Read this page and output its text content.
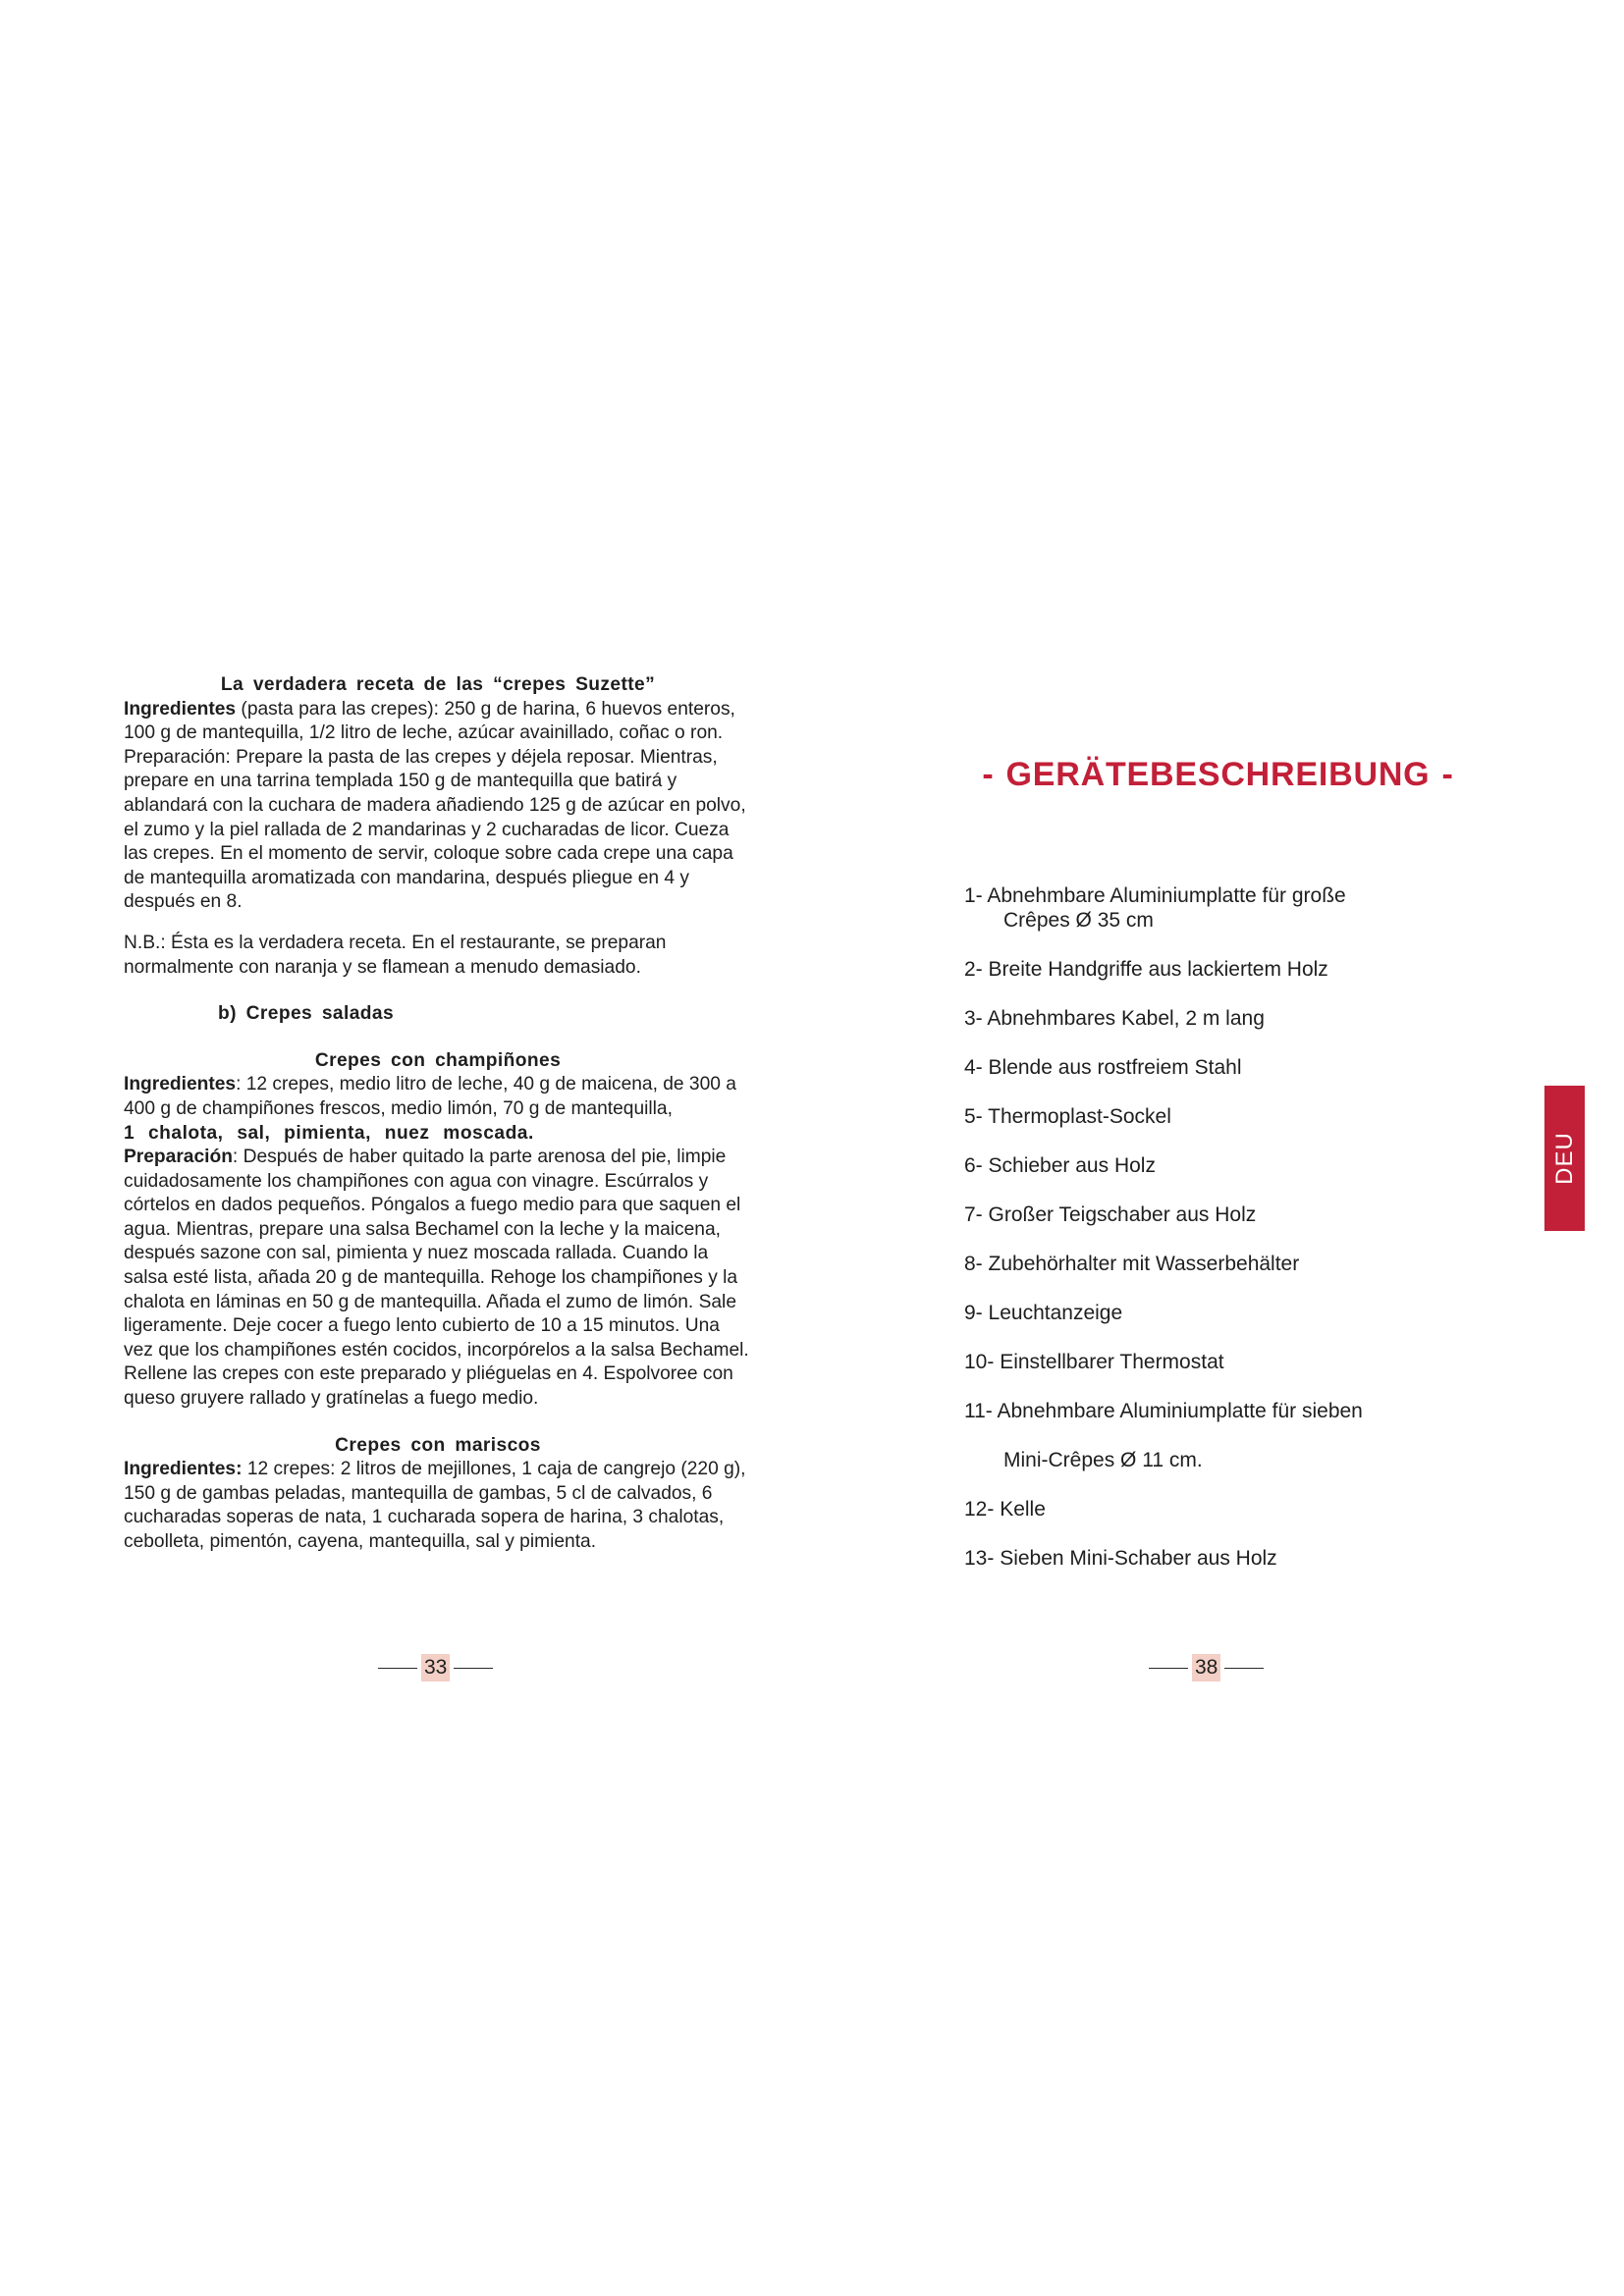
La verdadera receta de las “crepes Suzette”

Ingredientes (pasta para las crepes): 250 g de harina, 6 huevos enteros, 100 g de mantequilla, 1/2 litro de leche, azúcar avainillado, coñac o ron.

Preparación: Prepare la pasta de las crepes y déjela reposar. Mientras, prepare en una tarrina templada 150 g de mantequilla que batirá y ablandará con la cuchara de madera añadiendo 125 g de azúcar en polvo, el zumo y la piel rallada de 2 mandarinas y 2 cucharadas de licor. Cueza las crepes. En el momento de servir, coloque sobre cada crepe una capa de mantequilla aromatizada con mandarina, después pliegue en 4 y después en 8.

N.B.: Ésta es la verdadera receta. En el restaurante, se preparan normalmente con naranja y se flamean a menudo demasiado.

b) Crepes saladas

Crepes con champiñones

Ingredientes: 12 crepes, medio litro de leche, 40 g de maicena, de 300 a 400 g de champiñones frescos, medio limón, 70 g de mantequilla,

1 chalota, sal, pimienta, nuez moscada.

Preparación: Después de haber quitado la parte arenosa del pie, limpie cuidadosamente los champiñones con agua con vinagre. Escúrralos y córtelos en dados pequeños. Póngalos a fuego medio para que saquen el agua. Mientras, prepare una salsa Bechamel con la leche y la maicena, después sazone con sal, pimienta y nuez moscada rallada. Cuando la salsa esté lista, añada 20 g de mantequilla. Rehoge los champiñones y la chalota en láminas en 50 g de mantequilla. Añada el zumo de limón. Sale ligeramente. Deje cocer a fuego lento cubierto de 10 a 15 minutos. Una vez que los champiñones estén cocidos, incorpórelos a la salsa Bechamel. Rellene las crepes con este preparado y pliéguelas en 4. Espolvoree con queso gruyere rallado y gratínelas a fuego medio.

Crepes con mariscos

Ingredientes: 12 crepes: 2 litros de mejillones, 1 caja de cangrejo (220 g), 150 g de gambas peladas, mantequilla de gambas, 5 cl de calvados, 6 cucharadas soperas de nata, 1 cucharada sopera de harina, 3 chalotas, cebolleta, pimentón, cayena, mantequilla, sal y pimienta.

33
- GERÄTEBESCHREIBUNG -
1- Abnehmbare Aluminiumplatte für große
Crêpes Ø 35 cm
2- Breite Handgriffe aus lackiertem Holz
3- Abnehmbares Kabel, 2 m lang
4- Blende aus rostfreiem Stahl
5- Thermoplast-Sockel
6- Schieber aus Holz
7- Großer Teigschaber aus Holz
8- Zubehörhalter mit Wasserbehälter
9- Leuchtanzeige
10- Einstellbarer Thermostat
11- Abnehmbare Aluminiumplatte für sieben
Mini-Crêpes Ø 11 cm.
12- Kelle
13- Sieben Mini-Schaber aus Holz
DEU
38
